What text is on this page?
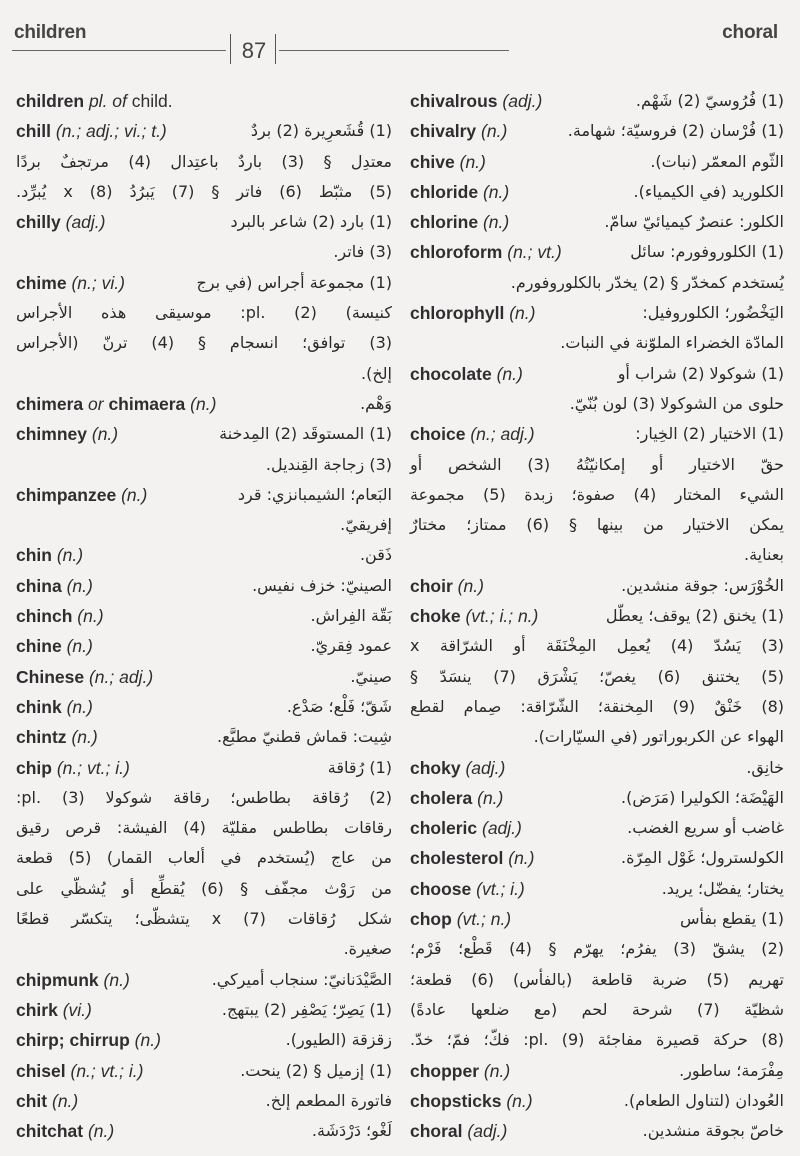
children
87
choral
children pl. of child.
chill (n.; adj.; vi.; t.)	(1) قُشَعرِيرة (2) بردٌ
معتدِل § (3) باردٌ باعتِدال (4) مرتجفٌ بردًا
(5) مثبّط (6) فاتر § (7) يَبرُدُ x (8) يُبرِّد.
chilly (adj.)	(1) بارد (2) شاعر بالبرد
(3) فاتر.
chime (n.; vi.)	(1) مجموعة أجراس (في برج
كنيسة) (2) .pl: موسيقى هذه الأجراس
(3) توافق؛ انسجام § (4) ترنّ (الأجراس
إلخ).
chimera or chimaera (n.)	وَهْم.
chimney (n.)	(1) المستوقَد (2) المِدخنة
(3) زجاجة القِنديل.
chimpanzee (n.)	البَعام؛ الشيمبانزي: قرد
إفريقيّ.
chin (n.)	ذَقن.
china (n.)	الصينيّ: خزف نفيس.
chinch (n.)	بَقّة الفِراش.
chine (n.)	عمود فِقريّ.
Chinese (n.; adj.)	صينيّ.
chink (n.)	شَقّ؛ فَلْع؛ صَدْع.
chintz (n.)	شِيت: قماش قطنيّ مطبَّع.
chip (n.; vt.; i.)	(1) رُقاقة
(2) رُقاقة بطاطس؛ رقاقة شوكولا (3) .pl:
رقاقات بطاطس مقليّة (4) الفيشة: قرص رقيق
من عاج (يُستخدم في ألعاب القمار) (5) قطعة
من رَوْث مجفّف § (6) يُقطِّع أو يُشظّي على
شكل رُقاقات x (7) يتشظّى؛ يتكسّر قطعًا
صغيرة.
chipmunk (n.)	الصَّيْدَنانيّ: سنجاب أميركي.
chirk (vi.)	(1) يَصِرّ؛ يَصْفِر (2) يبتهج.
chirp; chirrup (n.)	زقزقة (الطيور).
chisel (n.; vt.; i.)	(1) إزميل § (2) ينحت.
chit (n.)	فاتورة المطعم إلخ.
chitchat (n.)	لَغْو؛ دَرْدَشَة.
chivalrous (adj.)	(1) فُرُوسيّ (2) شَهْم.
chivalry (n.)	(1) فُرْسان (2) فروسيّة؛ شهامة.
chive (n.)	الثّوم المعمّر (نبات).
chloride (n.)	الكلوريد (في الكيمياء).
chlorine (n.)	الكلور: عنصرٌ كيميائيّ سامّ.
chloroform (n.; vt.)	(1) الكلوروفورم: سائل
يُستخدم كمخدّر § (2) يخدّر بالكلوروفورم.
chlorophyll (n.)	اليَخْضُور؛ الكلوروفيل:
المادّة الخضراء الملوّنة في النبات.
chocolate (n.)	(1) شوكولا (2) شراب أو
حلوى من الشوكولا (3) لون بُنّيّ.
choice (n.; adj.)	(1) الاختيار (2) الخِيار:
حقّ الاختيار أو إمكانيّتُهُ (3) الشخص أو
الشيء المختار (4) صفوة؛ زبدة (5) مجموعة
يمكن الاختيار من بينها § (6) ممتاز؛ مختارٌ
بعناية.
choir (n.)	الخُوْرَس: جوقة منشدين.
choke (vt.; i.; n.)	(1) يخنق (2) يوقف؛ يعطّل
(3) يَسُدّ (4) يُعمِل المِخْنَقَة أو الشرّاقة x
(5) يختنق (6) يغصّ؛ يَشْرَق (7) ينسَدّ §
(8) خَنْقٌ (9) المِخنقة؛ الشّرّاقة: صِمام لقطع
الهواء عن الكربوراتور (في السيّارات).
choky (adj.)	خانِق.
cholera (n.)	الهَيْضَة؛ الكوليرا (مَرَض).
choleric (adj.)	غاضب أو سريع الغضب.
cholesterol (n.)	الكولسترول؛ غَوْل المِرّة.
choose (vt.; i.)	يختار؛ يفضّل؛ يريد.
chop (vt.; n.)	(1) يقطع بفأس
(2) يشقّ (3) يفرُم؛ يهرّم § (4) قَطْع؛ فَرْم؛
تهريم (5) ضربة قاطعة (بالفأس) (6) قطعة؛
شظيّة (7) شرحة لحم (مع ضلعها عادةً)
(8) حركة قصيرة مفاجئة (9) .pl: فكّ؛ فمّ؛ خدّ.
chopper (n.)	مِفْرَمة؛ ساطور.
chopsticks (n.)	العُودان (لتناول الطعام).
choral (adj.)	خاصّ بجوقة منشدين.
